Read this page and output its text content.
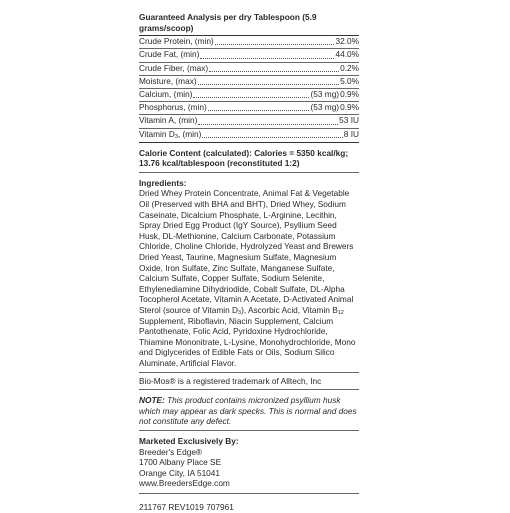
Guaranteed Analysis per dry Tablespoon (5.9 grams/scoop)
Crude Protein, (min)	32.0%
Crude Fat, (min)	44.0%
Crude Fiber, (max)	0.2%
Moisture, (max)	5.0%
Calcium, (min)	(53 mg) 0.9%
Phosphorus, (min)	(53 mg) 0.9%
Vitamin A, (min)	53 IU
Vitamin $D_3$, (min)	8 IU
Calorie Content (calculated): Calories = 5350 kcal/kg;
13.76 kcal/tablespoon (reconstituted 1:2)
Ingredients:

Dried Whey Protein Concentrate, Animal Fat & Vegetable Oil (Preserved with BHA and BHT), Dried Whey, Sodium Caseinate, Dicalcium Phosphate, L-Arginine, Lecithin, Spray Dried Egg Product (IgY Source), Psyllium Seed Husk, DL-Methionine, Calcium Carbonate, Potassium Chloride, Choline Chloride, Hydrolyzed Yeast and Brewers Dried Yeast, Taurine, Magnesium Sulfate, Magnesium Oxide, Iron Sulfate, Zinc Sulfate, Manganese Sulfate, Calcium Sulfate, Copper Sulfate, Sodium Selenite, Ethylenediamine Dihydriodide, Cobalt Sulfate, DL-Alpha Tocopherol Acetate, Vitamin A Acetate, D-Activated Animal Sterol (source of Vitamin $D_3$), Ascorbic Acid, Vitamin $B_{12}$ Supplement, Riboflavin, Niacin Supplement, Calcium Pantothenate, Folic Acid, Pyridoxine Hydrochloride, Thiamine Mononitrate, L-Lysine, Monohydrochloride, Mono and Diglycerides of Edible Fats or Oils, Sodium Silico Aluminate, Artificial Flavor.

Bio-Mos® is a registered trademark of Alltech, Inc

NOTE: This product contains micronized psyllium husk which may appear as dark specks. This is normal and does not constitute any defect.

Marketed Exclusively By:
Breeder's Edge®
1700 Albany Place SE
Orange City, IA 51041
www.BreedersEdge.com
211767 REV1019 707961
